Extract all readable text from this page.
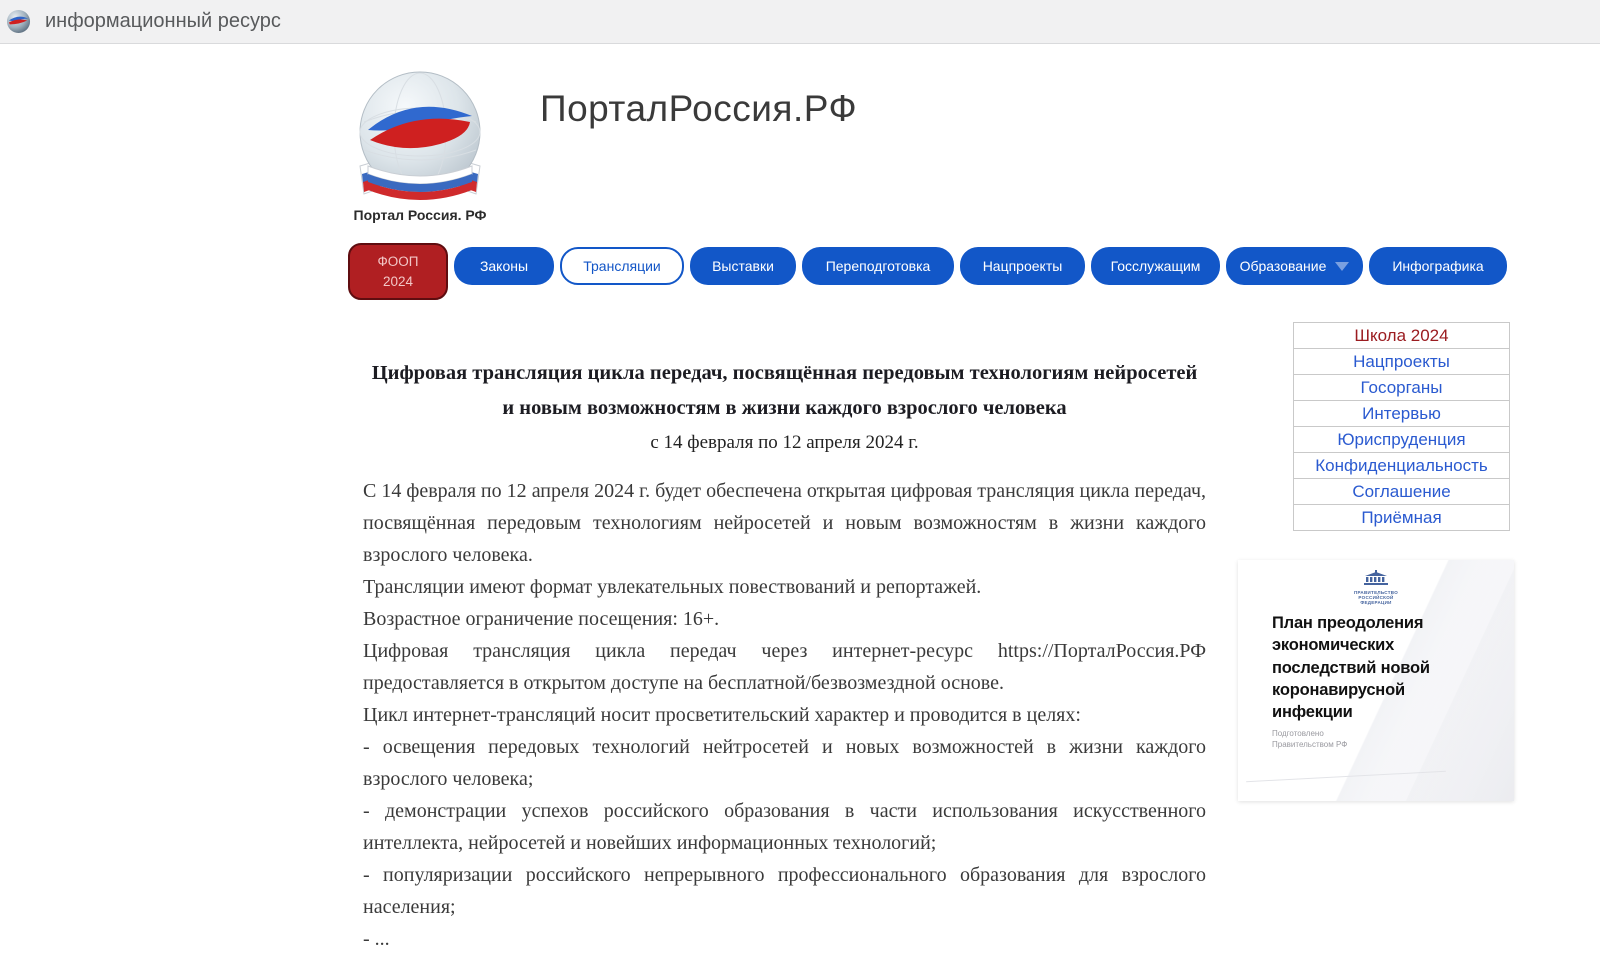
информационный ресурс
Портал Россия. РФ
ПорталРоссия.РФ
ФООП
2024
Законы	Трансляции	Выставки	Переподготовка	Нацпроекты	Госслужащим	Образование	Инфографика
Цифровая трансляция цикла передач, посвящённая передовым технологиям нейросетей
и новым возможностям в жизни каждого взрослого человека
с 14 февраля по 12 апреля 2024 г.

С 14 февраля по 12 апреля 2024 г. будет обеспечена открытая цифровая трансляция цикла передач, посвящённая передовым технологиям нейросетей и новым возможностям в жизни каждого взрослого человека.

Трансляции имеют формат увлекательных повествований и репортажей.

Возрастное ограничение посещения: 16+.

Цифровая трансляция цикла передач через интернет-ресурс https://ПорталРоссия.РФ предоставляется в открытом доступе на бесплатной/безвозмездной основе.

Цикл интернет-трансляций носит просветительский характер и проводится в целях:

- освещения передовых технологий нейтросетей и новых возможностей в жизни каждого взрослого человека;

- демонстрации успехов российского образования в части использования искусственного интеллекта, нейросетей и новейших информационных технологий;

- популяризации российского непрерывного профессионального образования для взрослого населения;

- ...

Школа 2024
Нацпроекты
Госорганы
Интервью
Юриспруденция
Конфиденциальность
Соглашение
Приёмная
ПРАВИТЕЛЬСТВО
РОССИЙСКОЙ
ФЕДЕРАЦИИ
План преодоления экономических последствий новой коронавирусной инфекции
Подготовлено
Правительством РФ
